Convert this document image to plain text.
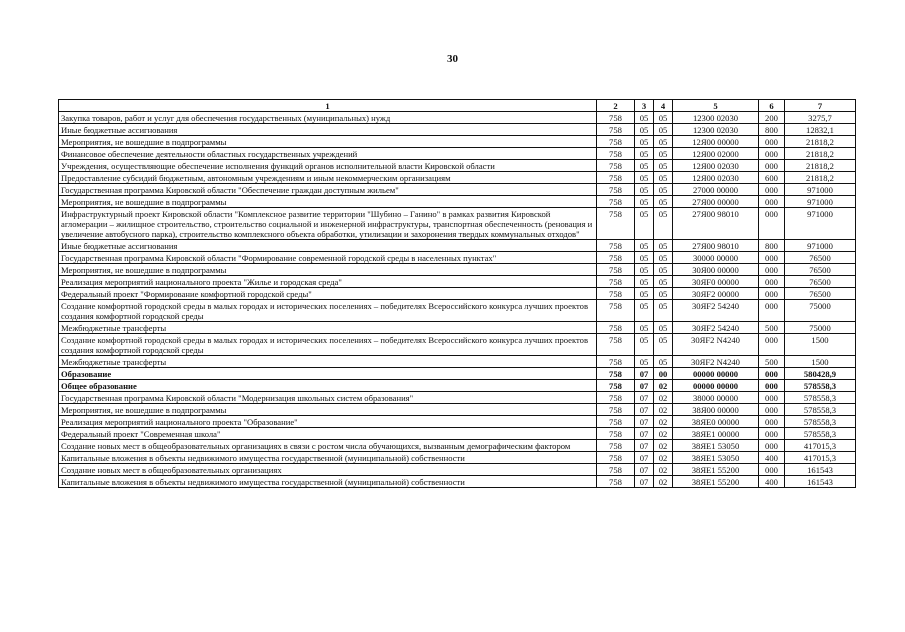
30
1	2	3	4	5	6	7
Закупка товаров, работ и услуг для обеспечения государственных (муниципальных) нужд	758	05	05	12300 02030	200	3275,7
Иные бюджетные ассигнования	758	05	05	12300 02030	800	12832,1
Мероприятия, не вошедшие в подпрограммы	758	05	05	12Я00 00000	000	21818,2
Финансовое обеспечение деятельности областных государственных учреждений	758	05	05	12Я00 02000	000	21818,2
Учреждения, осуществляющие обеспечение исполнения функций органов исполнительной власти Кировской области	758	05	05	12Я00 02030	000	21818,2
Предоставление субсидий бюджетным, автономным учреждениям и иным некоммерческим организациям	758	05	05	12Я00 02030	600	21818,2
Государственная программа Кировской области "Обеспечение граждан доступным жильем"	758	05	05	27000 00000	000	971000
Мероприятия, не вошедшие в подпрограммы	758	05	05	27Я00 00000	000	971000
Инфраструктурный проект Кировской области "Комплексное развитие территории "Шубино – Ганино" в рамках развития Кировской агломерации – жилищное строительство, строительство социальной и инженерной инфраструктуры, транспортная обеспеченность (реновация и увеличение автобусного парка), строительство комплексного объекта обработки, утилизации и захоронения твердых коммунальных отходов"	758	05	05	27Я00 98010	000	971000
Иные бюджетные ассигнования	758	05	05	27Я00 98010	800	971000
Государственная программа Кировской области "Формирование современной городской среды в населенных пунктах"	758	05	05	30000 00000	000	76500
Мероприятия, не вошедшие в подпрограммы	758	05	05	30Я00 00000	000	76500
Реализация мероприятий национального проекта "Жилье и городская среда"	758	05	05	30ЯF0 00000	000	76500
Федеральный проект "Формирование комфортной городской среды"	758	05	05	30ЯF2 00000	000	76500
Создание комфортной городской среды в малых городах и исторических поселениях – победителях Всероссийского конкурса лучших проектов создания комфортной городской среды	758	05	05	30ЯF2 54240	000	75000
Межбюджетные трансферты	758	05	05	30ЯF2 54240	500	75000
Создание комфортной городской среды в малых городах и исторических поселениях – победителях Всероссийского конкурса лучших проектов создания комфортной городской среды	758	05	05	30ЯF2 N4240	000	1500
Межбюджетные трансферты	758	05	05	30ЯF2 N4240	500	1500
Образование	758	07	00	00000 00000	000	580428,9
Общее образование	758	07	02	00000 00000	000	578558,3
Государственная программа Кировской области "Модернизация школьных систем образования"	758	07	02	38000 00000	000	578558,3
Мероприятия, не вошедшие в подпрограммы	758	07	02	38Я00 00000	000	578558,3
Реализация мероприятий национального проекта "Образование"	758	07	02	38ЯЕ0 00000	000	578558,3
Федеральный проект "Современная школа"	758	07	02	38ЯЕ1 00000	000	578558,3
Создание новых мест в общеобразовательных организациях в связи с ростом числа обучающихся, вызванным демографическим фактором	758	07	02	38ЯЕ1 53050	000	417015,3
Капитальные вложения в объекты недвижимого имущества государственной (муниципальной) собственности	758	07	02	38ЯЕ1 53050	400	417015,3
Создание новых мест в общеобразовательных организациях	758	07	02	38ЯЕ1 55200	000	161543
Капитальные вложения в объекты недвижимого имущества государственной (муниципальной) собственности	758	07	02	38ЯЕ1 55200	400	161543
